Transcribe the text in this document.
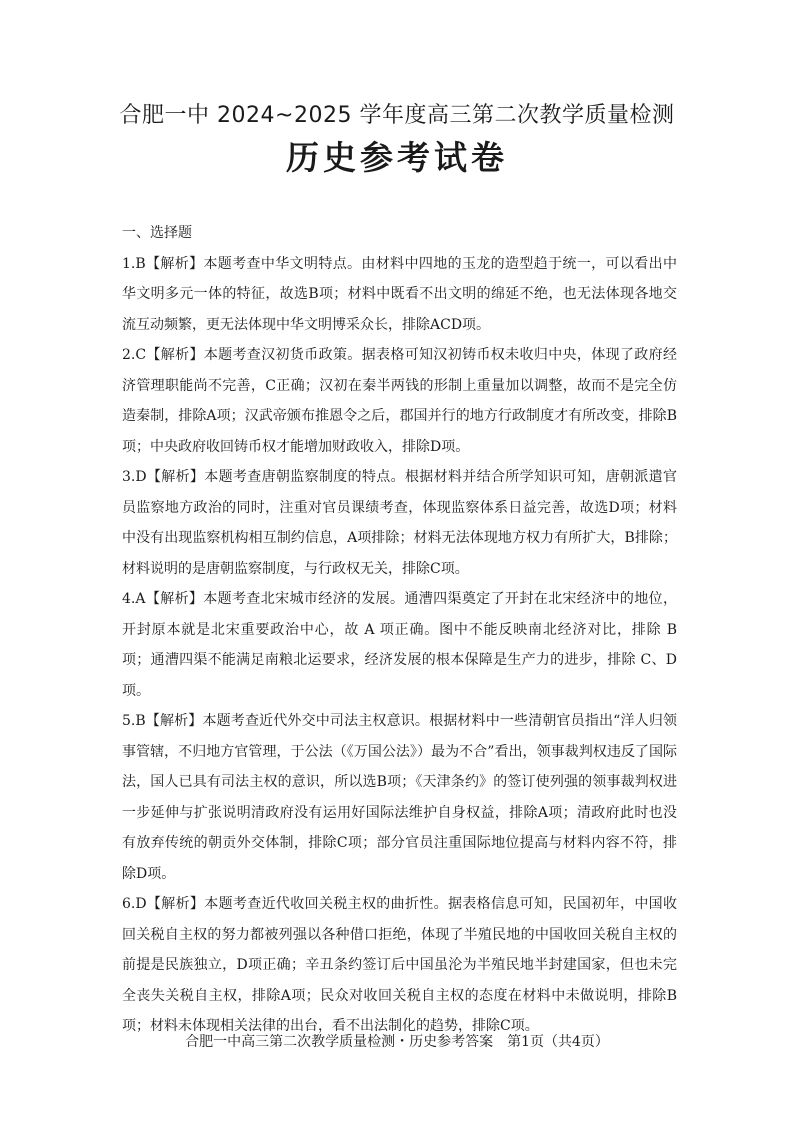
合肥一中 2024~2025 学年度高三第二次教学质量检测
历史参考试卷

一、选择题

1.B【解析】本题考查中华文明特点。由材料中四地的玉龙的造型趋于统一，可以看出中华文明多元一体的特征，故选B项；材料中既看不出文明的绵延不绝，也无法体现各地交流互动频繁，更无法体现中华文明博采众长，排除ACD项。

2.C【解析】本题考查汉初货币政策。据表格可知汉初铸币权未收归中央，体现了政府经济管理职能尚不完善，C正确；汉初在秦半两钱的形制上重量加以调整，故而不是完全仿造秦制，排除A项；汉武帝颁布推恩令之后，郡国并行的地方行政制度才有所改变，排除B项；中央政府收回铸币权才能增加财政收入，排除D项。

3.D【解析】本题考查唐朝监察制度的特点。根据材料并结合所学知识可知，唐朝派遣官员监察地方政治的同时，注重对官员课绩考查，体现监察体系日益完善，故选D项；材料中没有出现监察机构相互制约信息，A项排除；材料无法体现地方权力有所扩大，B排除；材料说明的是唐朝监察制度，与行政权无关，排除C项。

4.A【解析】本题考查北宋城市经济的发展。通漕四渠奠定了开封在北宋经济中的地位，开封原本就是北宋重要政治中心，故 A 项正确。图中不能反映南北经济对比，排除 B 项；通漕四渠不能满足南粮北运要求，经济发展的根本保障是生产力的进步，排除 C、D 项。

5.B【解析】本题考查近代外交中司法主权意识。根据材料中一些清朝官员指出“洋人归领事管辖，不归地方官管理，于公法（《万国公法》）最为不合”看出，领事裁判权违反了国际法，国人已具有司法主权的意识，所以选B项；《天津条约》的签订使列强的领事裁判权进一步延伸与扩张说明清政府没有运用好国际法维护自身权益，排除A项；清政府此时也没有放弃传统的朝贡外交体制，排除C项；部分官员注重国际地位提高与材料内容不符，排除D项。

6.D【解析】本题考查近代收回关税主权的曲折性。据表格信息可知，民国初年，中国收回关税自主权的努力都被列强以各种借口拒绝，体现了半殖民地的中国收回关税自主权的前提是民族独立，D项正确；辛丑条约签订后中国虽沦为半殖民地半封建国家，但也未完全丧失关税自主权，排除A项；民众对收回关税自主权的态度在材料中未做说明，排除B项；材料未体现相关法律的出台，看不出法制化的趋势，排除C项。

合肥一中高三第二次教学质量检测・历史参考答案　第1页（共4页）
